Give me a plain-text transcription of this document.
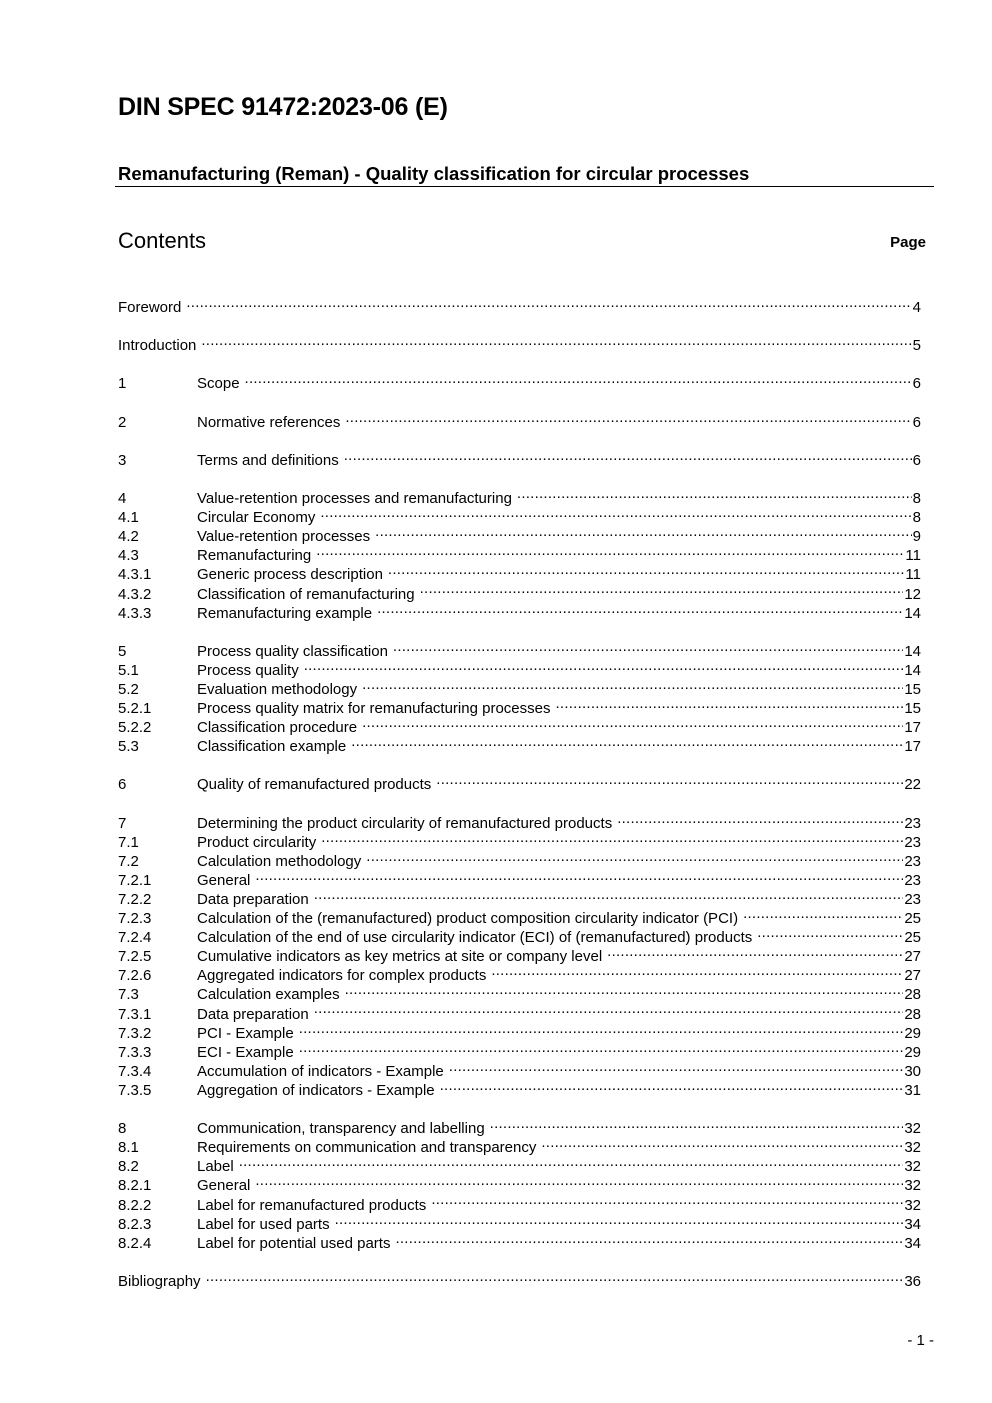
DIN SPEC 91472:2023-06 (E)
Remanufacturing (Reman) - Quality classification for circular processes
Contents	Page
Foreword .....	4
Introduction .....	5
1	Scope .....	6
2	Normative references .....	6
3	Terms and definitions .....	6
4	Value-retention processes and remanufacturing .....	8
4.1	Circular Economy .....	8
4.2	Value-retention processes .....	9
4.3	Remanufacturing .....	11
4.3.1	Generic process description .....	11
4.3.2	Classification of remanufacturing .....	12
4.3.3	Remanufacturing example .....	14
5	Process quality classification .....	14
5.1	Process quality .....	14
5.2	Evaluation methodology .....	15
5.2.1	Process quality matrix for remanufacturing processes .....	15
5.2.2	Classification procedure .....	17
5.3	Classification example .....	17
6	Quality of remanufactured products .....	22
7	Determining the product circularity of remanufactured products .....	23
7.1	Product circularity .....	23
7.2	Calculation methodology .....	23
7.2.1	General .....	23
7.2.2	Data preparation .....	23
7.2.3	Calculation of the (remanufactured) product composition circularity indicator (PCI) .....	25
7.2.4	Calculation of the end of use circularity indicator (ECI) of (remanufactured) products .....	25
7.2.5	Cumulative indicators as key metrics at site or company level .....	27
7.2.6	Aggregated indicators for complex products .....	27
7.3	Calculation examples .....	28
7.3.1	Data preparation .....	28
7.3.2	PCI - Example .....	29
7.3.3	ECI - Example .....	29
7.3.4	Accumulation of indicators - Example .....	30
7.3.5	Aggregation of indicators - Example .....	31
8	Communication, transparency and labelling .....	32
8.1	Requirements on communication and transparency .....	32
8.2	Label .....	32
8.2.1	General .....	32
8.2.2	Label for remanufactured products .....	32
8.2.3	Label for used parts .....	34
8.2.4	Label for potential used parts .....	34
Bibliography .....	36
- 1 -
